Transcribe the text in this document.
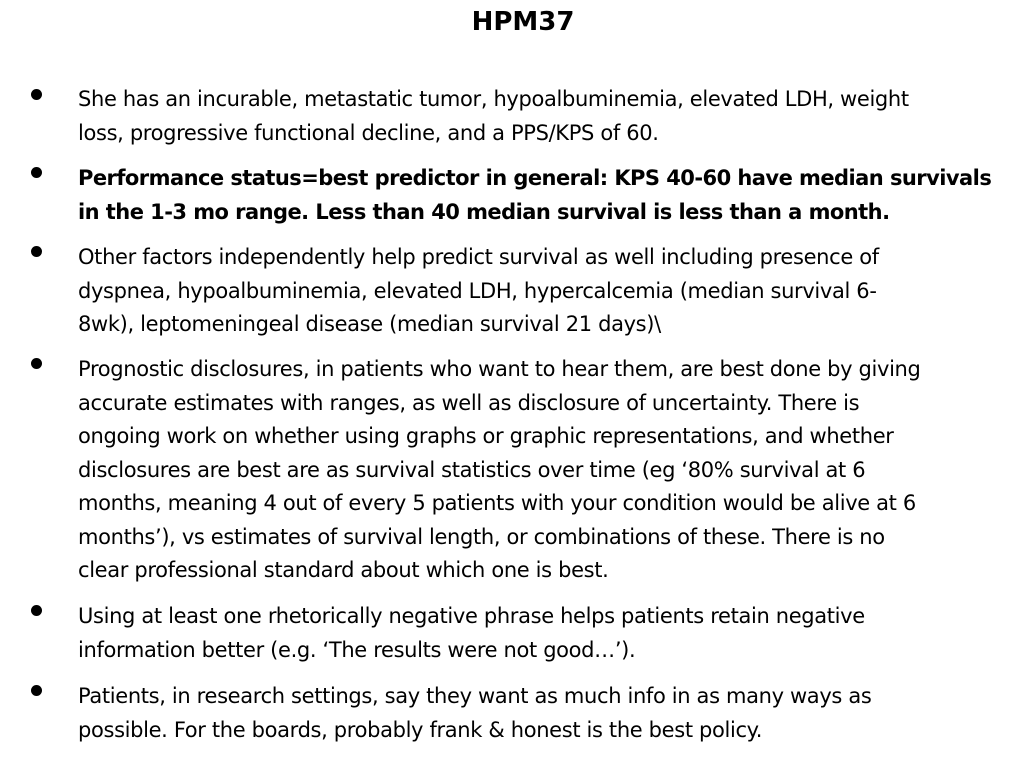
HPM37

She has an incurable, metastatic tumor, hypoalbuminemia, elevated LDH, weight
loss, progressive functional decline, and a PPS/KPS of 60.

Performance status=best predictor in general: KPS 40-60 have median survivals
in the 1-3 mo range. Less than 40 median survival is less than a month.

Other factors independently help predict survival as well including presence of
dyspnea, hypoalbuminemia, elevated LDH, hypercalcemia (median survival 6-
8wk), leptomeningeal disease (median survival 21 days)\

Prognostic disclosures, in patients who want to hear them, are best done by giving
accurate estimates with ranges, as well as disclosure of uncertainty. There is
ongoing work on whether using graphs or graphic representations, and whether
disclosures are best are as survival statistics over time (eg ‘80% survival at 6
months, meaning 4 out of every 5 patients with your condition would be alive at 6
months’), vs estimates of survival length, or combinations of these. There is no
clear professional standard about which one is best.

Using at least one rhetorically negative phrase helps patients retain negative
information better (e.g. ‘The results were not good…’).

Patients, in research settings, say they want as much info in as many ways as
possible. For the boards, probably frank & honest is the best policy.
